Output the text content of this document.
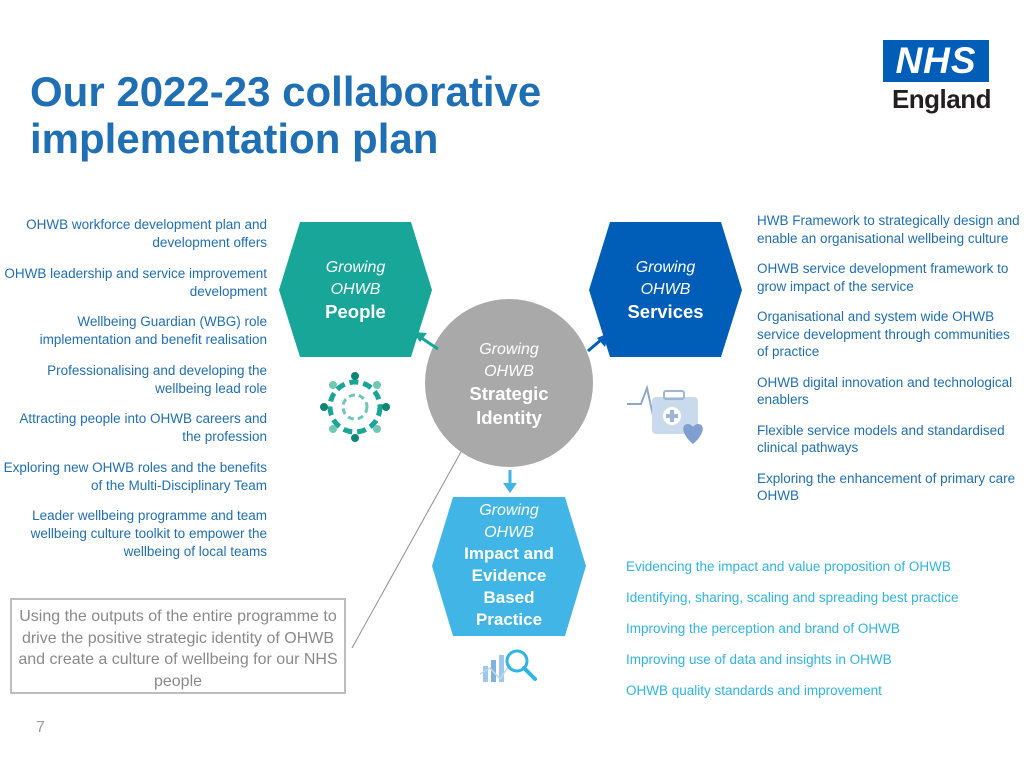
Our 2022-23 collaborative implementation plan
NHS
England
OHWB workforce development plan and development offers
OHWB leadership and service improvement development
Wellbeing Guardian (WBG) role implementation and benefit realisation
Professionalising and developing the wellbeing lead role
Attracting people into OHWB careers and the profession
Exploring new OHWB roles and the benefits of the Multi-Disciplinary Team
Leader wellbeing programme and team wellbeing culture toolkit to empower the wellbeing of local teams
HWB Framework to strategically design and enable an organisational wellbeing culture
OHWB service development framework to grow impact of the service
Organisational and system wide OHWB service development through communities of practice
OHWB digital innovation and technological enablers
Flexible service models and standardised clinical pathways
Exploring the enhancement of primary care OHWB
Evidencing the impact and value proposition of OHWB
Identifying, sharing, scaling and spreading best practice
Improving the perception and brand of OHWB
Improving use of data and insights in OHWB
OHWB quality standards and improvement
Growing
OHWB
People
Growing
OHWB
Services
Growing
OHWB
Strategic
Identity
Growing
OHWB
Impact and
Evidence
Based
Practice
Using the outputs of the entire programme to drive the positive strategic identity of OHWB and create a culture of wellbeing for our NHS people
7
